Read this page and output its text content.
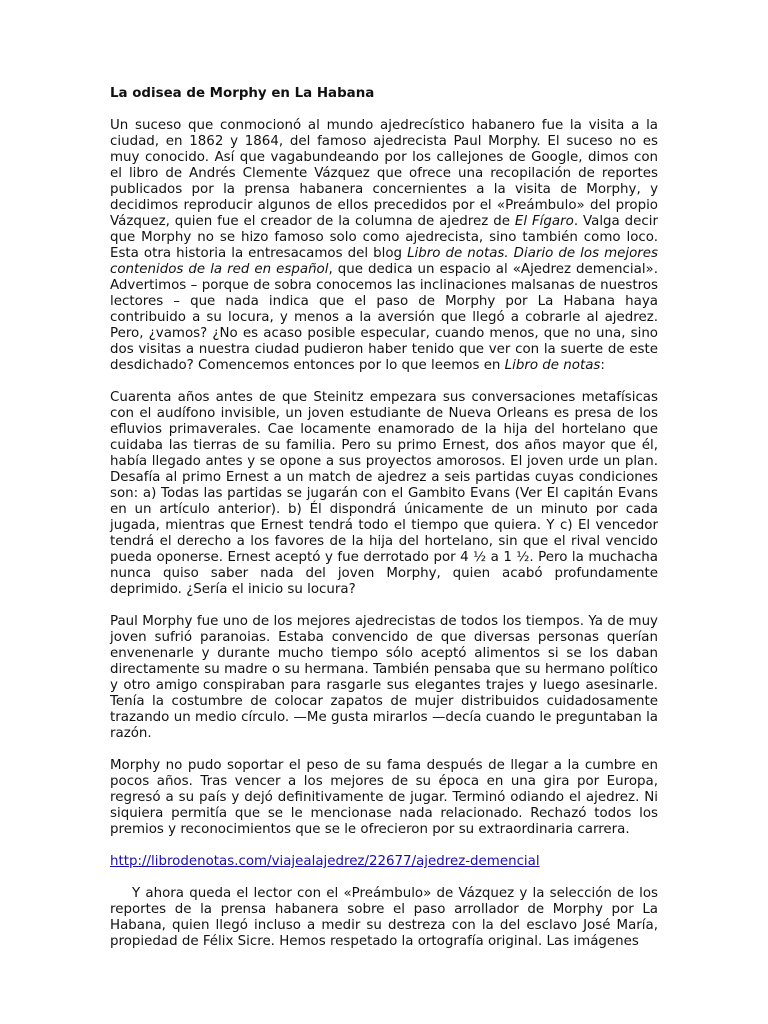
La odisea de Morphy en La Habana

Un suceso que conmocionó al mundo ajedrecístico habanero fue la visita a la ciudad, en 1862 y 1864, del famoso ajedrecista Paul Morphy. El suceso no es muy conocido. Así que vagabundeando por los callejones de Google, dimos con el libro de Andrés Clemente Vázquez que ofrece una recopilación de reportes publicados por la prensa habanera concernientes a la visita de Morphy, y decidimos reproducir algunos de ellos precedidos por el «Preámbulo» del propio Vázquez, quien fue el creador de la columna de ajedrez de El Fígaro. Valga decir que Morphy no se hizo famoso solo como ajedrecista, sino también como loco. Esta otra historia la entresacamos del blog Libro de notas. Diario de los mejores contenidos de la red en español, que dedica un espacio al «Ajedrez demencial». Advertimos – porque de sobra conocemos las inclinaciones malsanas de nuestros lectores – que nada indica que el paso de Morphy por La Habana haya contribuido a su locura, y menos a la aversión que llegó a cobrarle al ajedrez. Pero, ¿vamos? ¿No es acaso posible especular, cuando menos, que no una, sino dos visitas a nuestra ciudad pudieron haber tenido que ver con la suerte de este desdichado? Comencemos entonces por lo que leemos en Libro de notas:

Cuarenta años antes de que Steinitz empezara sus conversaciones metafísicas con el audífono invisible, un joven estudiante de Nueva Orleans es presa de los efluvios primaverales. Cae locamente enamorado de la hija del hortelano que cuidaba las tierras de su familia. Pero su primo Ernest, dos años mayor que él, había llegado antes y se opone a sus proyectos amorosos. El joven urde un plan. Desafía al primo Ernest a un match de ajedrez a seis partidas cuyas condiciones son: a) Todas las partidas se jugarán con el Gambito Evans (Ver El capitán Evans en un artículo anterior). b) Él dispondrá únicamente de un minuto por cada jugada, mientras que Ernest tendrá todo el tiempo que quiera. Y c) El vencedor tendrá el derecho a los favores de la hija del hortelano, sin que el rival vencido pueda oponerse. Ernest aceptó y fue derrotado por 4 ½ a 1 ½. Pero la muchacha nunca quiso saber nada del joven Morphy, quien acabó profundamente deprimido. ¿Sería el inicio su locura?

Paul Morphy fue uno de los mejores ajedrecistas de todos los tiempos. Ya de muy joven sufrió paranoias. Estaba convencido de que diversas personas querían envenenarle y durante mucho tiempo sólo aceptó alimentos si se los daban directamente su madre o su hermana. También pensaba que su hermano político y otro amigo conspiraban para rasgarle sus elegantes trajes y luego asesinarle. Tenía la costumbre de colocar zapatos de mujer distribuidos cuidadosamente trazando un medio círculo. —Me gusta mirarlos —decía cuando le preguntaban la razón.

Morphy no pudo soportar el peso de su fama después de llegar a la cumbre en pocos años. Tras vencer a los mejores de su época en una gira por Europa, regresó a su país y dejó definitivamente de jugar. Terminó odiando el ajedrez. Ni siquiera permitía que se le mencionase nada relacionado. Rechazó todos los premios y reconocimientos que se le ofrecieron por su extraordinaria carrera.

http://librodenotas.com/viajealajedrez/22677/ajedrez-demencial

Y ahora queda el lector con el «Preámbulo» de Vázquez y la selección de los reportes de la prensa habanera sobre el paso arrollador de Morphy por La Habana, quien llegó incluso a medir su destreza con la del esclavo José María, propiedad de Félix Sicre. Hemos respetado la ortografía original. Las imágenes
